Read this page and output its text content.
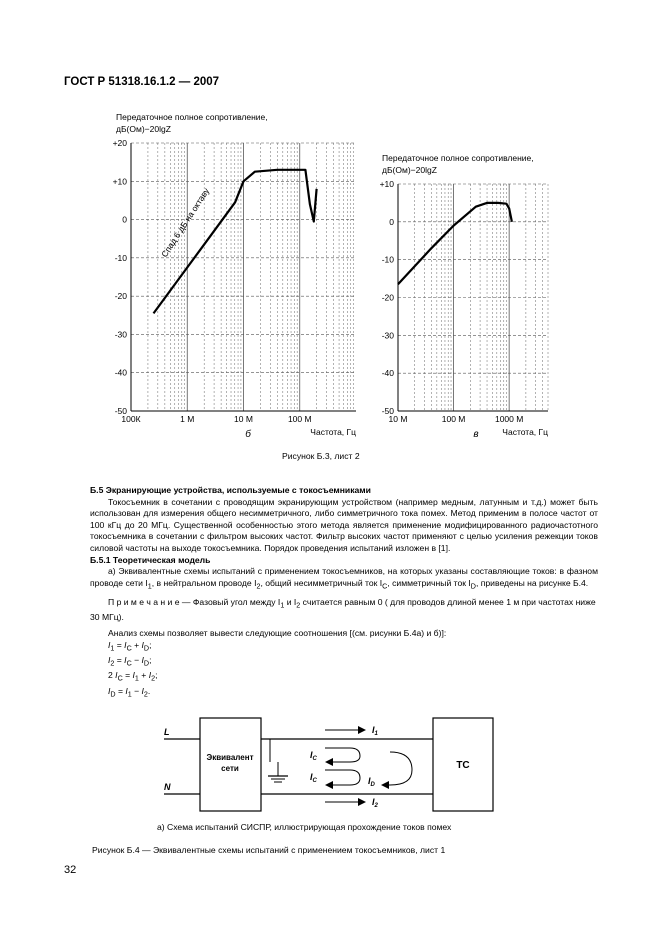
ГОСТ Р 51318.16.1.2 — 2007
Передаточное полное сопротивление,
дБ(Ом)−20lgZ
+20
+10
0
-10
-20
-30
-40
-50
100К	1 М	10 М	100 М
Частота, Гц
б
Спад 6 дБ на октаву
+10
0
-10
-20
-30
-40
-50
10 М	100 М	1000 М
Частота, Гц
в
Передаточное полное сопротивление,
дБ(Ом)−20lgZ
Рисунок Б.3, лист 2

Б.5 Экранирующие устройства, используемые с токосъемниками

Токосъемник в сочетании с проводящим экранирующим устройством (например медным, латунным и т.д.) может быть использован для измерения общего несимметричного, либо симметричного тока помех. Метод применим в полосе частот от 100 кГц до 20 МГц. Существенной особенностью этого метода является применение модифицированного радиочастотного токосъемника в сочетании с фильтром высоких частот. Фильтр высоких частот применяют с целью усиления режекции токов силовой частоты на выходе токосъемника. Порядок проведения испытаний изложен в [1].

Б.5.1 Теоретическая модель

а) Эквивалентные схемы испытаний с применением токосъемников, на которых указаны составляющие токов: в фазном проводе сети $I_1$, в нейтральном проводе $I_2$, общий несимметричный ток $I_C$, симметричный ток $I_D$, приведены на рисунке Б.4.

П р и м е ч а н и е — Фазовый угол между $I_1$ и $I_2$ считается равным 0 ( для проводов длиной менее 1 м при частотах ниже 30 МГц).

Анализ схемы позволяет вывести следующие соотношения [(см. рисунки Б.4а) и б)]:

$I_1 = I_C + I_D$;

$I_2 = I_C - I_D$;

2 $I_C = I_1 + I_2$;

$I_D = I_1 - I_2$.

L
N
Эквивалент
сети	ТС
$I_1$
$I_2$
$I_C$
$I_C$	$I_D$
а) Схема испытаний СИСПР, иллюстрирующая прохождение токов помех
Рисунок Б.4 — Эквивалентные схемы испытаний с применением токосъемников, лист 1
32
